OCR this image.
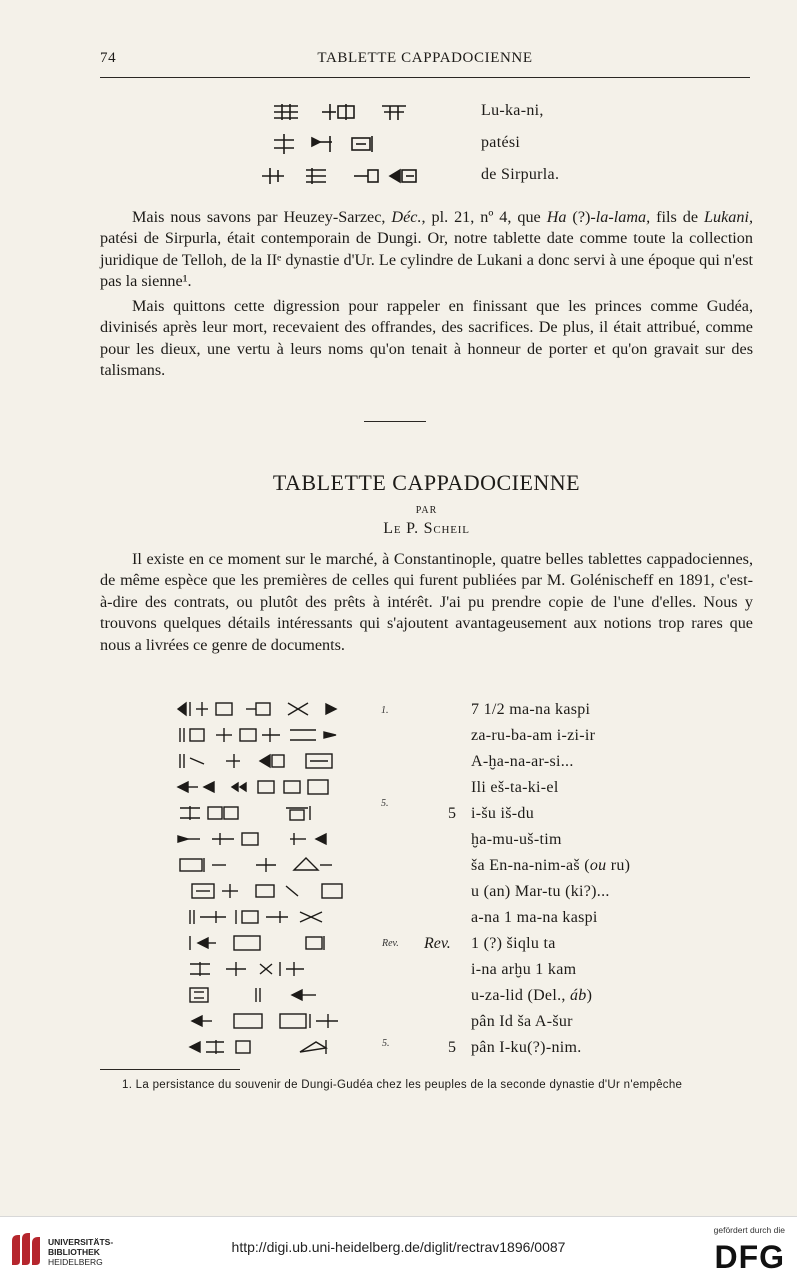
74	TABLETTE CAPPADOCIENNE
Lu-ka-ni,
patési
de Sirpurla.

Mais nous savons par Heuzey-Sarzec, Déc., pl. 21, nº 4, que Ha (?)-la-lama, fils de Lukani, patési de Sirpurla, était contemporain de Dungi. Or, notre tablette date comme toute la collection juridique de Telloh, de la IIᵉ dynastie d'Ur. Le cylindre de Lukani a donc servi à une époque qui n'est pas la sienne¹.

Mais quittons cette digression pour rappeler en finissant que les princes comme Gudéa, divinisés après leur mort, recevaient des offrandes, des sacrifices. De plus, il était attribué, comme pour les dieux, une vertu à leurs noms qu'on tenait à honneur de porter et qu'on gravait sur des talismans.

TABLETTE CAPPADOCIENNE
PAR
Le P. Scheil

Il existe en ce moment sur le marché, à Constantinople, quatre belles tablettes cappadociennes, de même espèce que les premières de celles qui furent publiées par M. Golénischeff en 1891, c'est-à-dire des contrats, ou plutôt des prêts à intérêt. J'ai pu prendre copie de l'une d'elles. Nous y trouvons quelques détails intéressants qui s'ajoutent avantageusement aux notions trop rares que nous a livrées ce genre de documents.

1.
5.
Rev.
5.
5
Rev.
5
7 1/2 ma-na kaspi
za-ru-ba-am i-zi-ir
A-ḫa-na-ar-si...
Ili eš-ta-ki-el
i-šu iš-du
ḫa-mu-uš-tim
ša En-na-nim-aš (ou ru)
u (an) Mar-tu (ki?)...
a-na 1 ma-na kaspi
1 (?) šiqlu ta
i-na arḫu 1 kam
u-za-lid (Del., áb)
pân Id ša A-šur
pân I-ku(?)-nim.
1. La persistance du souvenir de Dungi-Gudéa chez les peuples de la seconde dynastie d'Ur n'empêche
UNIVERSITÄTS-
BIBLIOTHEK
HEIDELBERG
http://digi.ub.uni-heidelberg.de/diglit/rectrav1896/0087
gefördert durch die
DFG
